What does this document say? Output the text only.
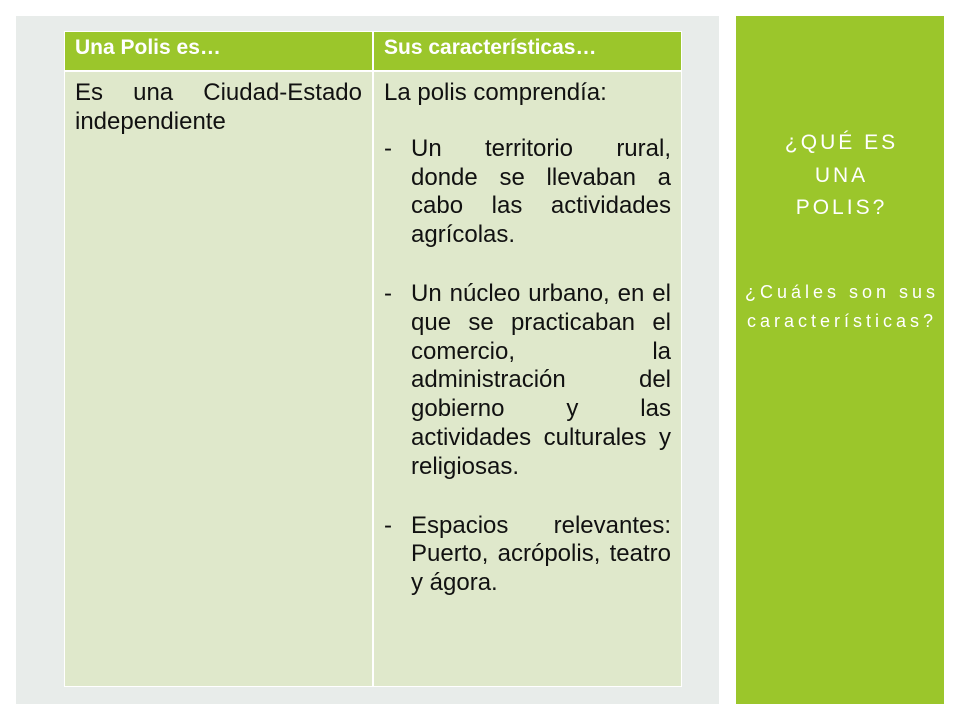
Una Polis es…	Sus características…
Es una Ciudad-Estado independiente
La polis comprendía:
- Un territorio rural, donde se llevaban a cabo las actividades agrícolas.
- Un núcleo urbano, en el que se practicaban el comercio, la administración del gobierno y las actividades culturales y religiosas.
- Espacios relevantes: Puerto, acrópolis, teatro y ágora.
¿QUÉ ES
UNA
POLIS?
¿Cuáles son sus
características?
